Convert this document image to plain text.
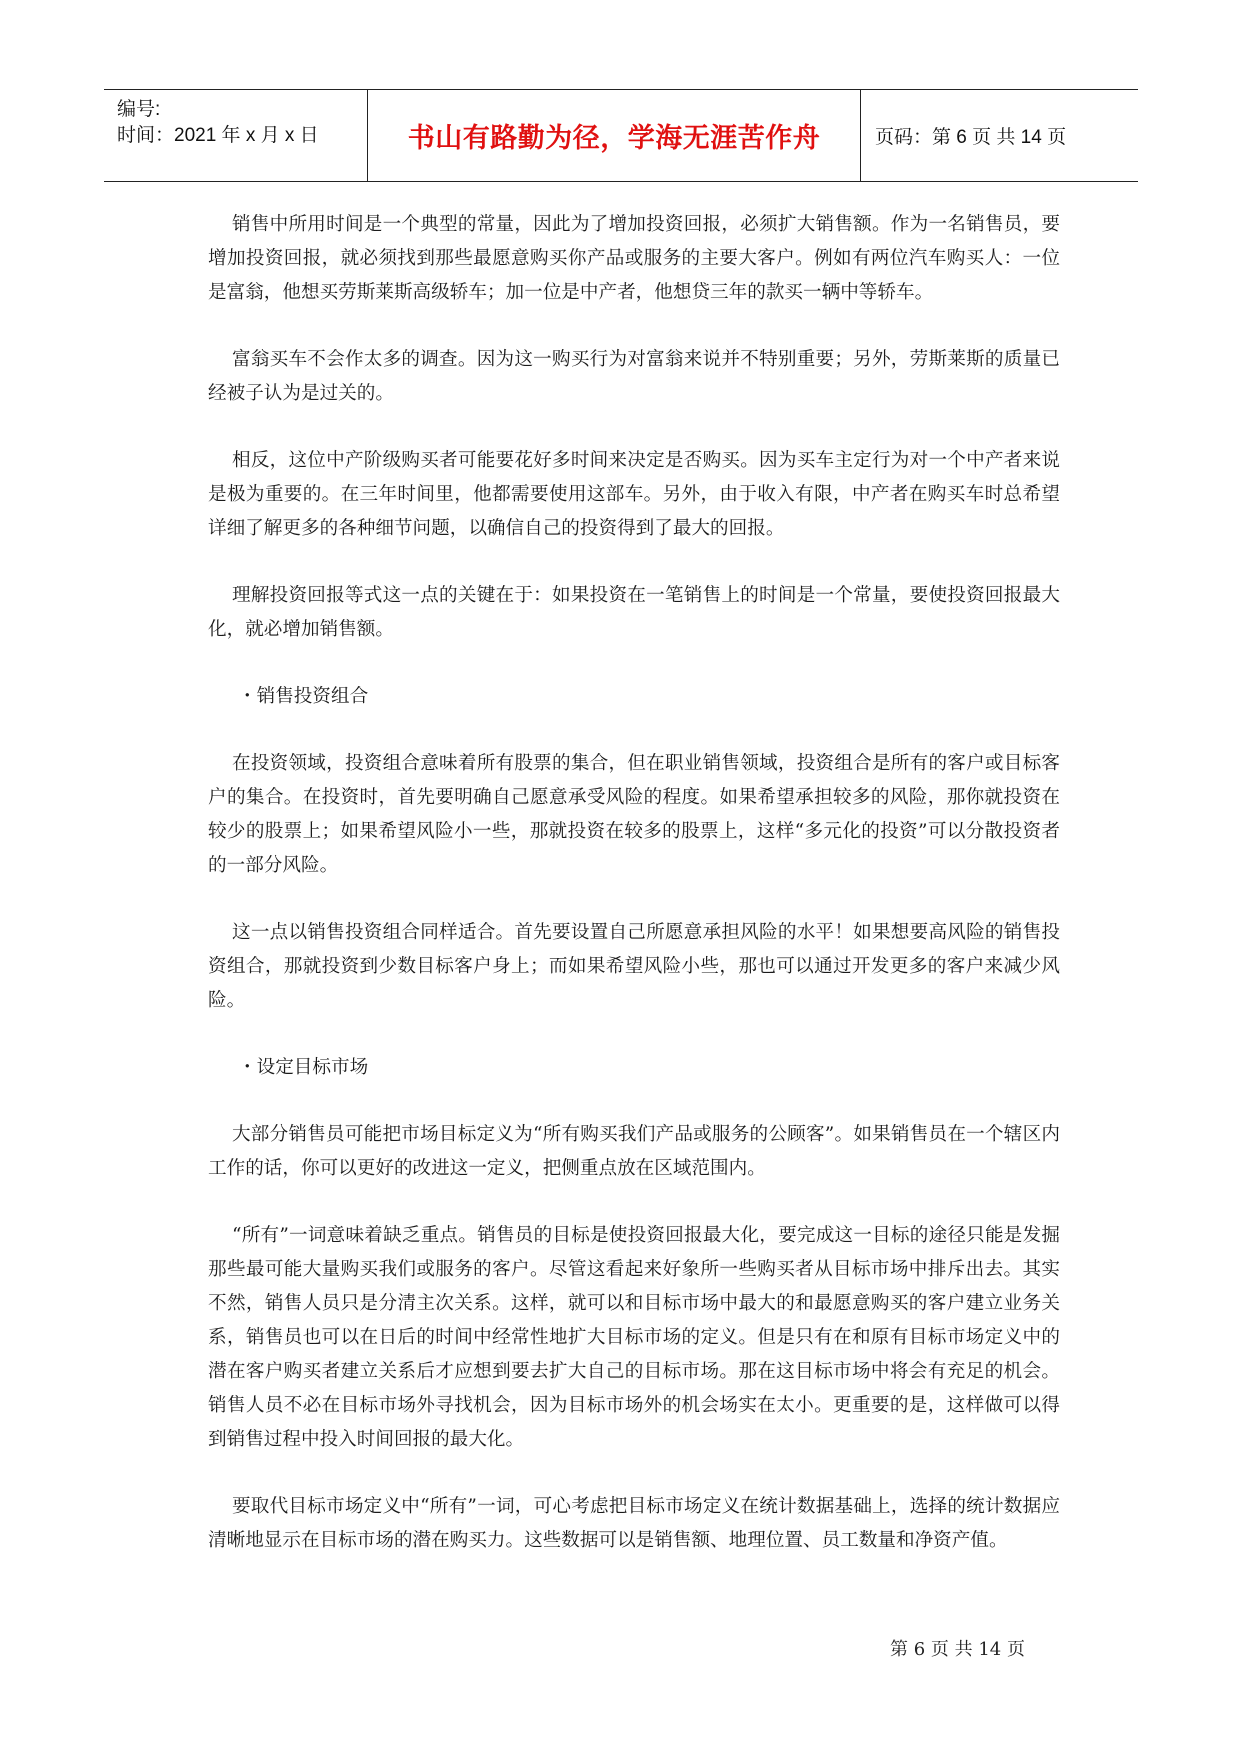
编号:
时间：2021 年 x 月 x 日	书山有路勤为径，学海无涯苦作舟	页码：第 6 页 共 14 页

销售中所用时间是一个典型的常量，因此为了增加投资回报，必须扩大销售额。作为一名销售员，要增加投资回报，就必须找到那些最愿意购买你产品或服务的主要大客户。例如有两位汽车购买人：一位是富翁，他想买劳斯莱斯高级轿车；加一位是中产者，他想贷三年的款买一辆中等轿车。

富翁买车不会作太多的调查。因为这一购买行为对富翁来说并不特别重要；另外，劳斯莱斯的质量已经被子认为是过关的。

相反，这位中产阶级购买者可能要花好多时间来决定是否购买。因为买车主定行为对一个中产者来说是极为重要的。在三年时间里，他都需要使用这部车。另外，由于收入有限，中产者在购买车时总希望详细了解更多的各种细节问题，以确信自己的投资得到了最大的回报。

理解投资回报等式这一点的关键在于：如果投资在一笔销售上的时间是一个常量，要使投资回报最大化，就必增加销售额。

・销售投资组合

在投资领域，投资组合意味着所有股票的集合，但在职业销售领域，投资组合是所有的客户或目标客户的集合。在投资时，首先要明确自己愿意承受风险的程度。如果希望承担较多的风险，那你就投资在较少的股票上；如果希望风险小一些，那就投资在较多的股票上，这样“多元化的投资”可以分散投资者的一部分风险。

这一点以销售投资组合同样适合。首先要设置自己所愿意承担风险的水平！如果想要高风险的销售投资组合，那就投资到少数目标客户身上；而如果希望风险小些，那也可以通过开发更多的客户来减少风险。

・设定目标市场

大部分销售员可能把市场目标定义为“所有购买我们产品或服务的公顾客”。如果销售员在一个辖区内工作的话，你可以更好的改进这一定义，把侧重点放在区域范围内。

“所有”一词意味着缺乏重点。销售员的目标是使投资回报最大化，要完成这一目标的途径只能是发掘那些最可能大量购买我们或服务的客户。尽管这看起来好象所一些购买者从目标市场中排斥出去。其实不然，销售人员只是分清主次关系。这样，就可以和目标市场中最大的和最愿意购买的客户建立业务关系，销售员也可以在日后的时间中经常性地扩大目标市场的定义。但是只有在和原有目标市场定义中的潜在客户购买者建立关系后才应想到要去扩大自己的目标市场。那在这目标市场中将会有充足的机会。销售人员不必在目标市场外寻找机会，因为目标市场外的机会场实在太小。更重要的是，这样做可以得到销售过程中投入时间回报的最大化。

要取代目标市场定义中“所有”一词，可心考虑把目标市场定义在统计数据基础上，选择的统计数据应清晰地显示在目标市场的潜在购买力。这些数据可以是销售额、地理位置、员工数量和净资产值。

第 6 页 共 14 页
